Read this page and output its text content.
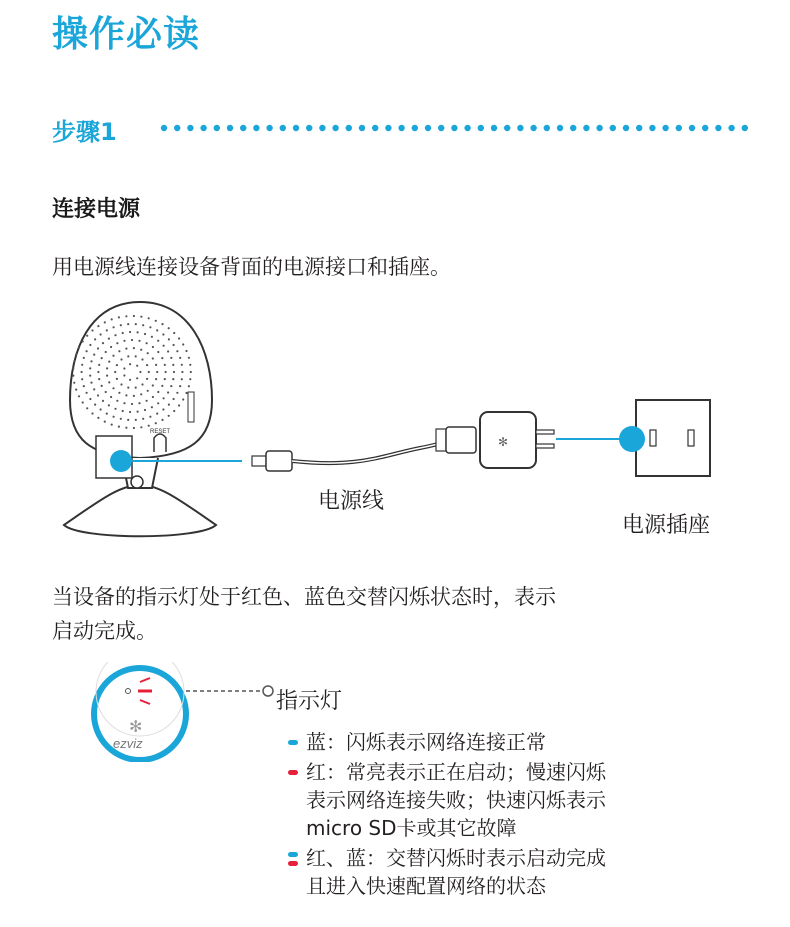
操作必读
步骤1
连接电源

用电源线连接设备背面的电源接口和插座。

RESET
✻
电源线
电源插座

当设备的指示灯处于红色、蓝色交替闪烁状态时，表示
启动完成。

✻
ezviz
指示灯
蓝：闪烁表示网络连接正常
红：常亮表示正在启动；慢速闪烁
表示网络连接失败；快速闪烁表示
micro SD卡或其它故障
红、蓝：交替闪烁时表示启动完成
且进入快速配置网络的状态
